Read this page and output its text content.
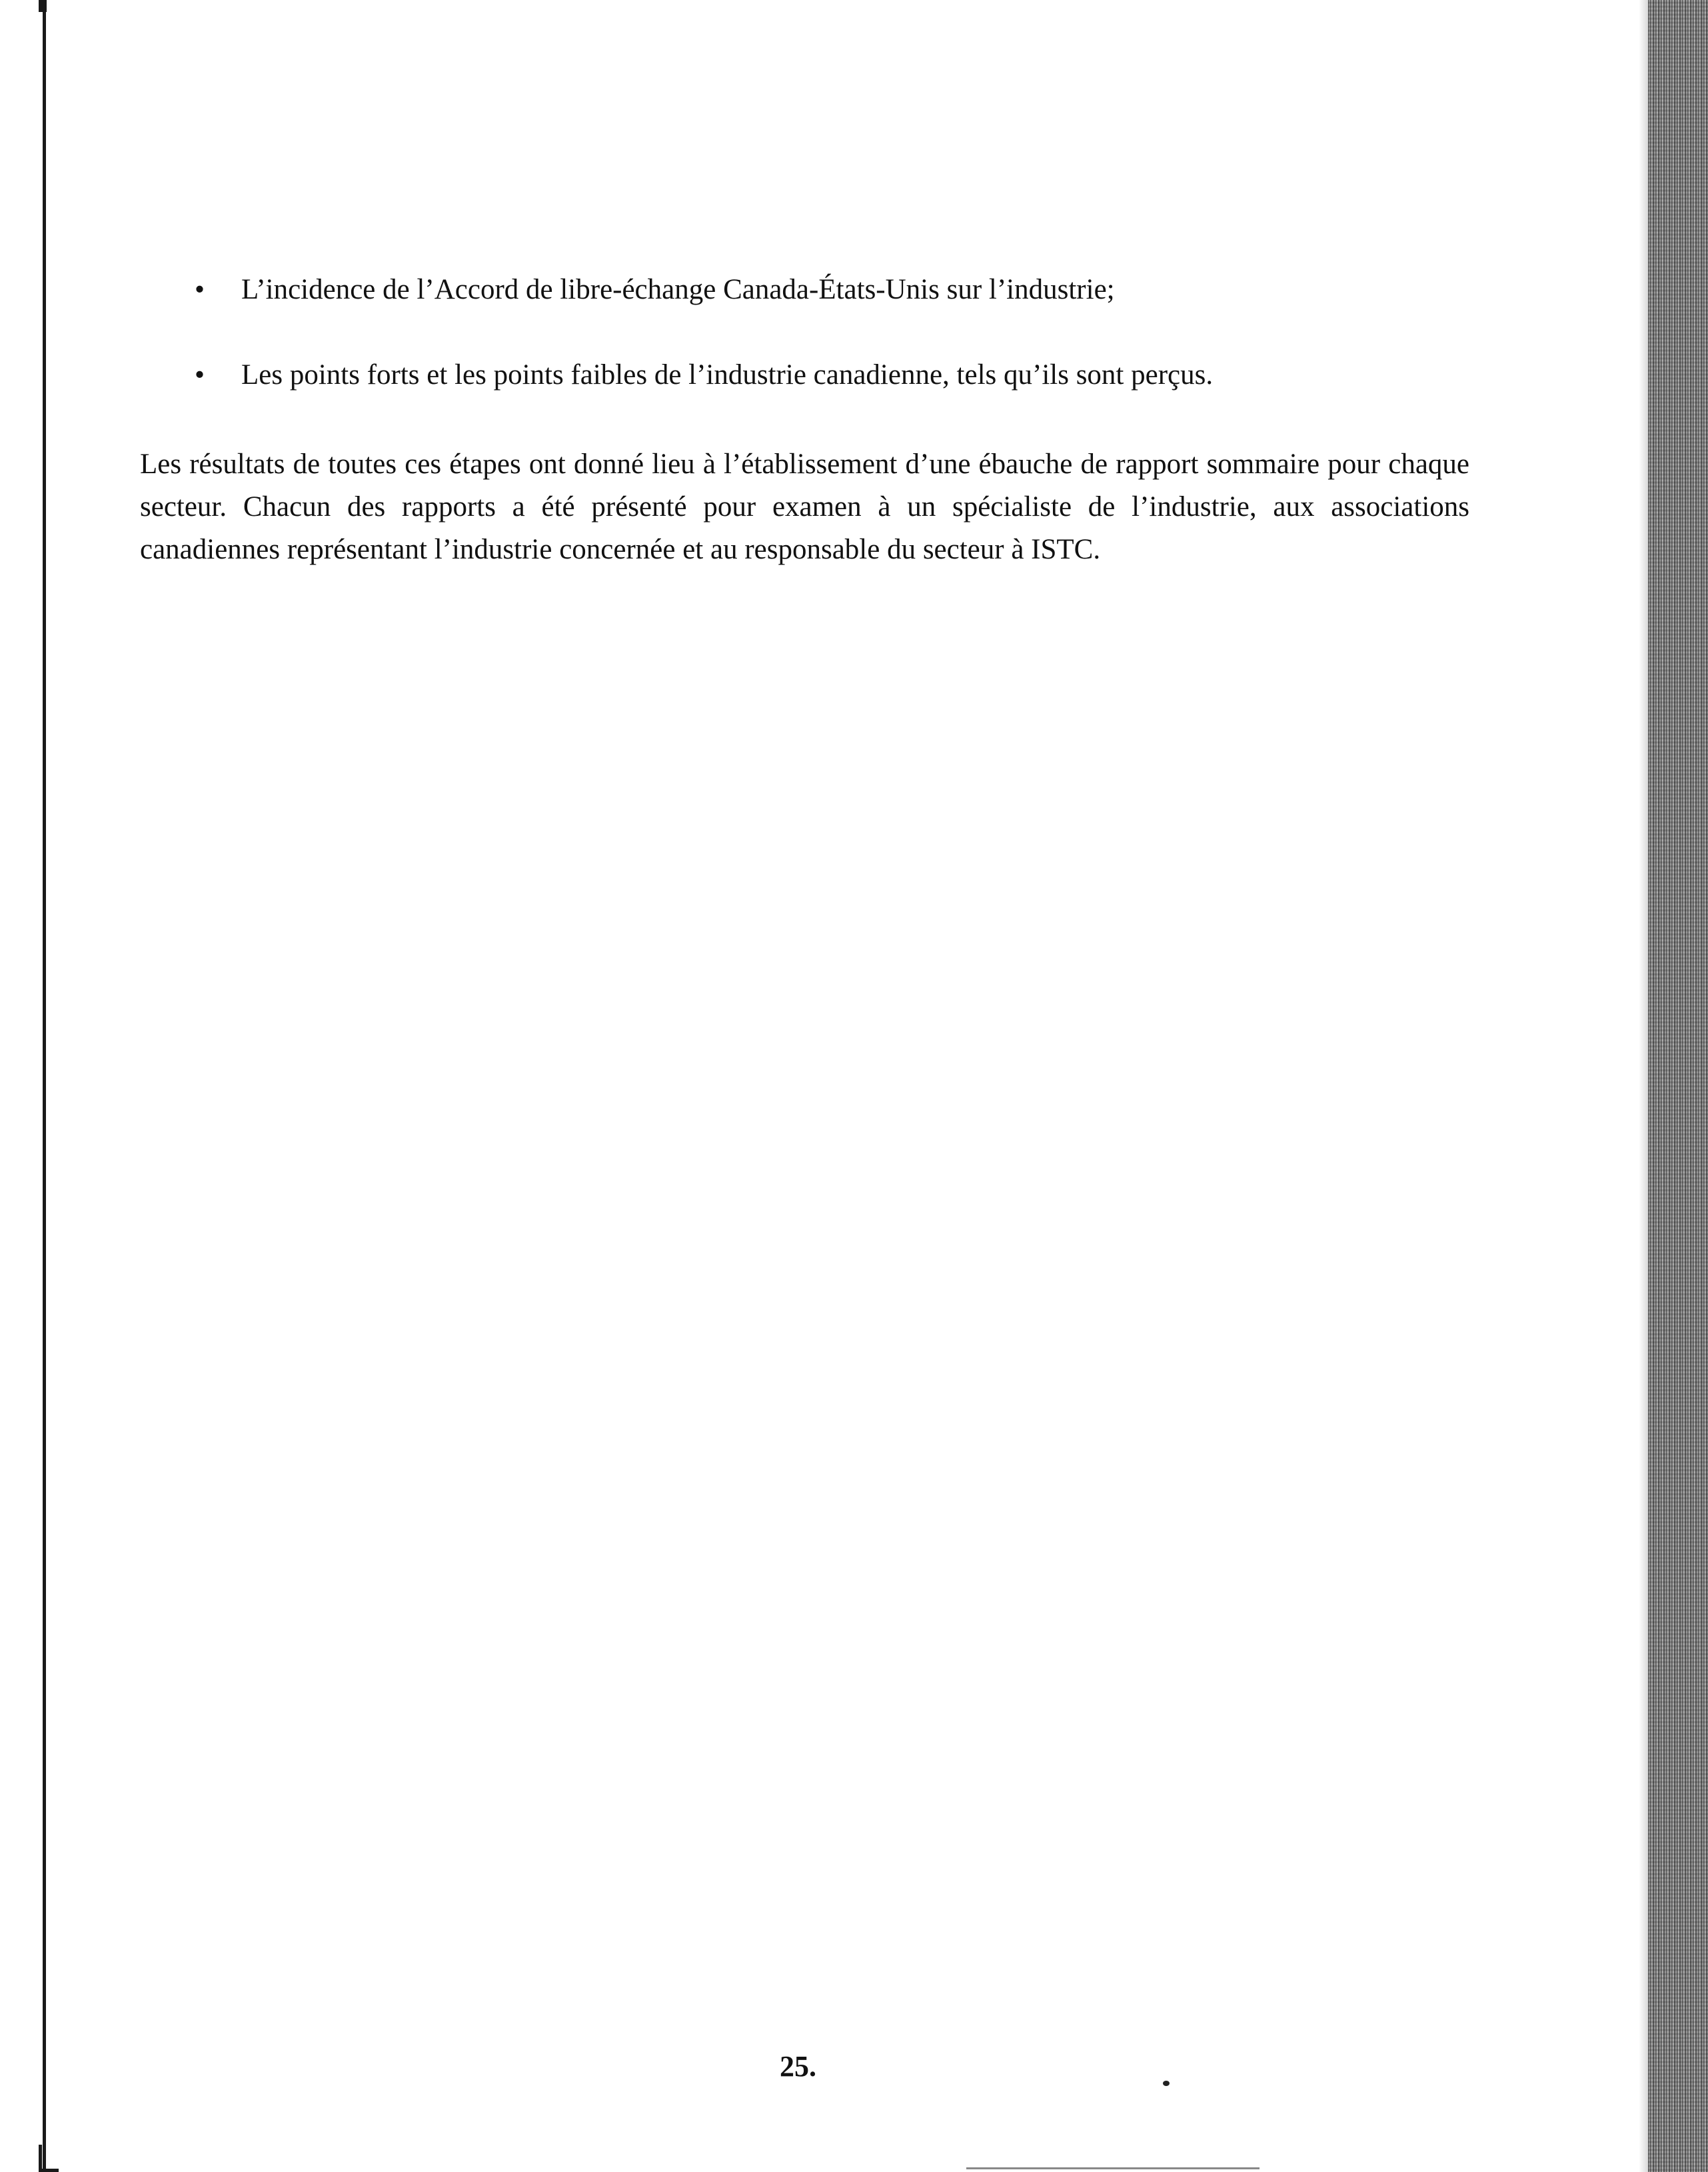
• L’incidence de l’Accord de libre-échange Canada-États-Unis sur l’industrie;
• Les points forts et les points faibles de l’industrie canadienne, tels qu’ils sont perçus.

Les résultats de toutes ces étapes ont donné lieu à l’établissement d’une ébauche de rapport sommaire pour chaque secteur. Chacun des rapports a été présenté pour examen à un spécialiste de l’industrie, aux associations canadiennes représentant l’industrie concernée et au responsable du secteur à ISTC.

25.
